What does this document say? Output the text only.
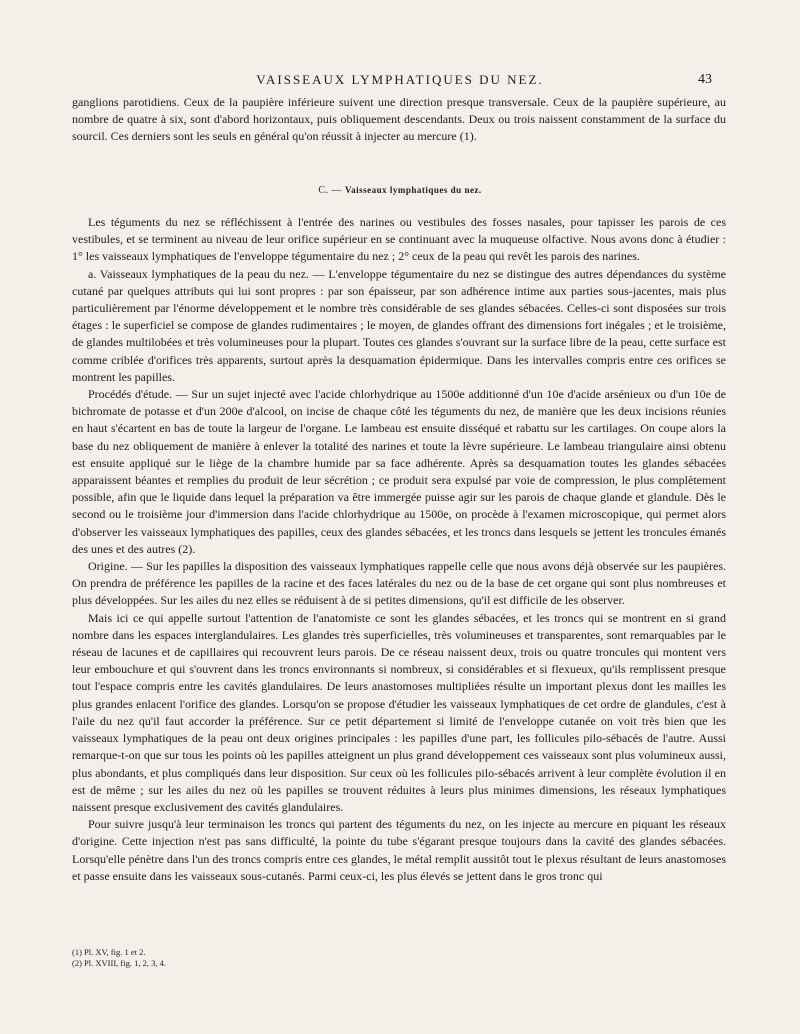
VAISSEAUX LYMPHATIQUES DU NEZ.	43

ganglions parotidiens. Ceux de la paupière inférieure suivent une direction presque transversale. Ceux de la paupière supérieure, au nombre de quatre à six, sont d'abord horizontaux, puis obliquement descendants. Deux ou trois naissent constamment de la surface du sourcil. Ces derniers sont les seuls en général qu'on réussit à injecter au mercure (1).

C. — Vaisseaux lymphatiques du nez.

Les téguments du nez se réfléchissent à l'entrée des narines ou vestibules des fosses nasales, pour tapisser les parois de ces vestibules, et se terminent au niveau de leur orifice supérieur en se continuant avec la muqueuse olfactive. Nous avons donc à étudier : 1° les vaisseaux lymphatiques de l'enveloppe tégumentaire du nez ; 2° ceux de la peau qui revêt les parois des narines.

a. Vaisseaux lymphatiques de la peau du nez. — L'enveloppe tégumentaire du nez se distingue des autres dépendances du système cutané par quelques attributs qui lui sont propres : par son épaisseur, par son adhérence intime aux parties sous-jacentes, mais plus particulièrement par l'énorme développement et le nombre très considérable de ses glandes sébacées. Celles-ci sont disposées sur trois étages : le superficiel se compose de glandes rudimentaires ; le moyen, de glandes offrant des dimensions fort inégales ; et le troisième, de glandes multilobées et très volumineuses pour la plupart. Toutes ces glandes s'ouvrant sur la surface libre de la peau, cette surface est comme criblée d'orifices très apparents, surtout après la desquamation épidermique. Dans les intervalles compris entre ces orifices se montrent les papilles.

Procédés d'étude. — Sur un sujet injecté avec l'acide chlorhydrique au 1500e additionné d'un 10e d'acide arsénieux ou d'un 10e de bichromate de potasse et d'un 200e d'alcool, on incise de chaque côté les téguments du nez, de manière que les deux incisions réunies en haut s'écartent en bas de toute la largeur de l'organe. Le lambeau est ensuite disséqué et rabattu sur les cartilages. On coupe alors la base du nez obliquement de manière à enlever la totalité des narines et toute la lèvre supérieure. Le lambeau triangulaire ainsi obtenu est ensuite appliqué sur le liège de la chambre humide par sa face adhérente. Après sa desquamation toutes les glandes sébacées apparaissent béantes et remplies du produit de leur sécrétion ; ce produit sera expulsé par voie de compression, le plus complètement possible, afin que le liquide dans lequel la préparation va être immergée puisse agir sur les parois de chaque glande et glandule. Dès le second ou le troisième jour d'immersion dans l'acide chlorhydrique au 1500e, on procède à l'examen microscopique, qui permet alors d'observer les vaisseaux lymphatiques des papilles, ceux des glandes sébacées, et les troncs dans lesquels se jettent les troncules émanés des unes et des autres (2).

Origine. — Sur les papilles la disposition des vaisseaux lymphatiques rappelle celle que nous avons déjà observée sur les paupières. On prendra de préférence les papilles de la racine et des faces latérales du nez ou de la base de cet organe qui sont plus nombreuses et plus développées. Sur les ailes du nez elles se réduisent à de si petites dimensions, qu'il est difficile de les observer.

Mais ici ce qui appelle surtout l'attention de l'anatomiste ce sont les glandes sébacées, et les troncs qui se montrent en si grand nombre dans les espaces interglandulaires. Les glandes très superficielles, très volumineuses et transparentes, sont remarquables par le réseau de lacunes et de capillaires qui recouvrent leurs parois. De ce réseau naissent deux, trois ou quatre troncules qui montent vers leur embouchure et qui s'ouvrent dans les troncs environnants si nombreux, si considérables et si flexueux, qu'ils remplissent presque tout l'espace compris entre les cavités glandulaires. De leurs anastomoses multipliées résulte un important plexus dont les mailles les plus grandes enlacent l'orifice des glandes. Lorsqu'on se propose d'étudier les vaisseaux lymphatiques de cet ordre de glandules, c'est à l'aile du nez qu'il faut accorder la préférence. Sur ce petit département si limité de l'enveloppe cutanée on voit très bien que les vaisseaux lymphatiques de la peau ont deux origines principales : les papilles d'une part, les follicules pilo-sébacés de l'autre. Aussi remarque-t-on que sur tous les points où les papilles atteignent un plus grand développement ces vaisseaux sont plus volumineux aussi, plus abondants, et plus compliqués dans leur disposition. Sur ceux où les follicules pilo-sébacés arrivent à leur complète évolution il en est de même ; sur les ailes du nez où les papilles se trouvent réduites à leurs plus minimes dimensions, les réseaux lymphatiques naissent presque exclusivement des cavités glandulaires.

Pour suivre jusqu'à leur terminaison les troncs qui partent des téguments du nez, on les injecte au mercure en piquant les réseaux d'origine. Cette injection n'est pas sans difficulté, la pointe du tube s'égarant presque toujours dans la cavité des glandes sébacées. Lorsqu'elle pénètre dans l'un des troncs compris entre ces glandes, le métal remplit aussitôt tout le plexus résultant de leurs anastomoses et passe ensuite dans les vaisseaux sous-cutanés. Parmi ceux-ci, les plus élevés se jettent dans le gros tronc qui

(1) Pl. XV, fig. 1 et 2.

(2) Pl. XVIII, fig. 1, 2, 3, 4.
